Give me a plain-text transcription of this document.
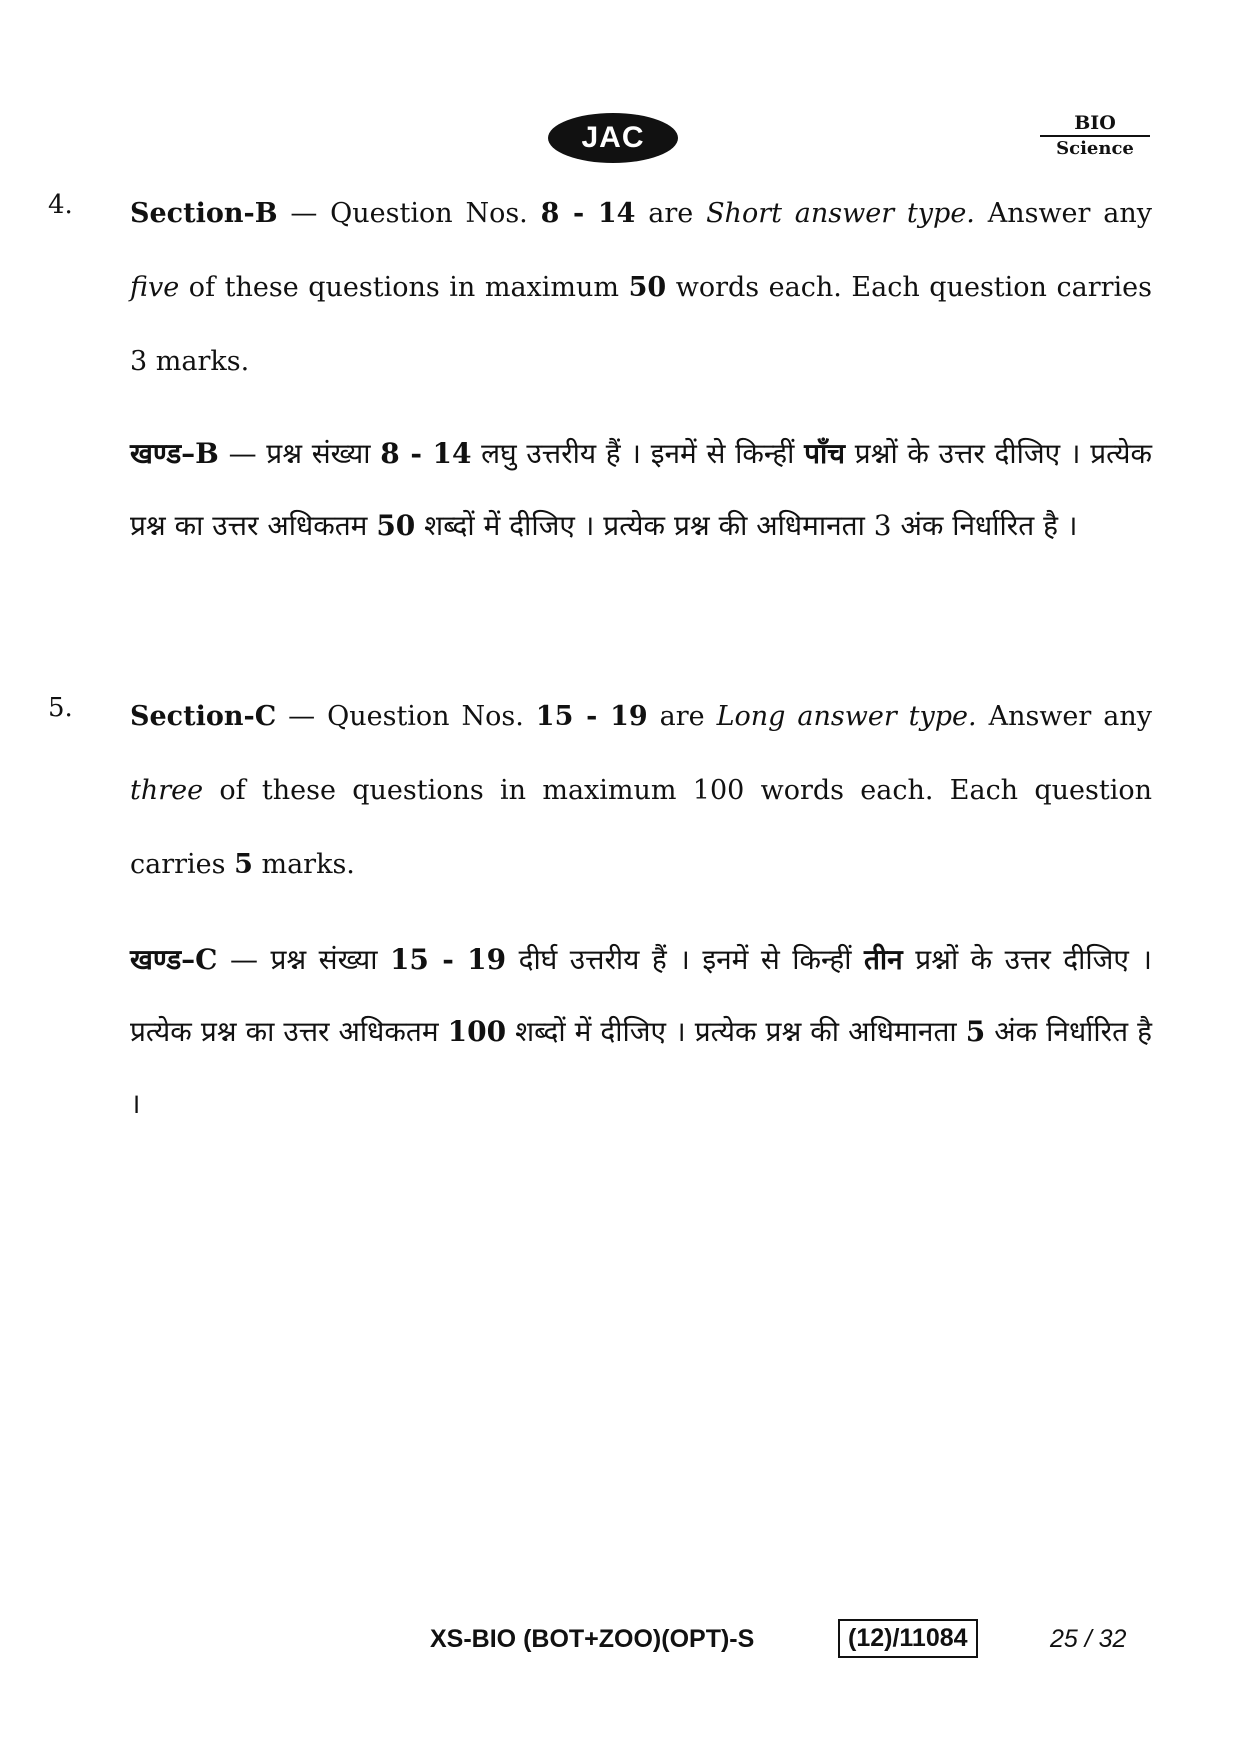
JAC	BIO
Science
4. Section-B — Question Nos. 8 - 14 are Short answer type. Answer any five of these questions in maximum 50 words each. Each question carries 3 marks.
खण्ड–B — प्रश्न संख्या 8 - 14 लघु उत्तरीय हैं । इनमें से किन्हीं पाँच प्रश्नों के उत्तर दीजिए । प्रत्येक प्रश्न का उत्तर अधिकतम 50 शब्दों में दीजिए । प्रत्येक प्रश्न की अधिमानता 3 अंक निर्धारित है ।
5. Section-C — Question Nos. 15 - 19 are Long answer type. Answer any three of these questions in maximum 100 words each. Each question carries 5 marks.
खण्ड–C — प्रश्न संख्या 15 - 19 दीर्घ उत्तरीय हैं । इनमें से किन्हीं तीन प्रश्नों के उत्तर दीजिए । प्रत्येक प्रश्न का उत्तर अधिकतम 100 शब्दों में दीजिए । प्रत्येक प्रश्न की अधिमानता 5 अंक निर्धारित है ।
XS-BIO (BOT+ZOO)(OPT)-S	(12)/11084	25 / 32
